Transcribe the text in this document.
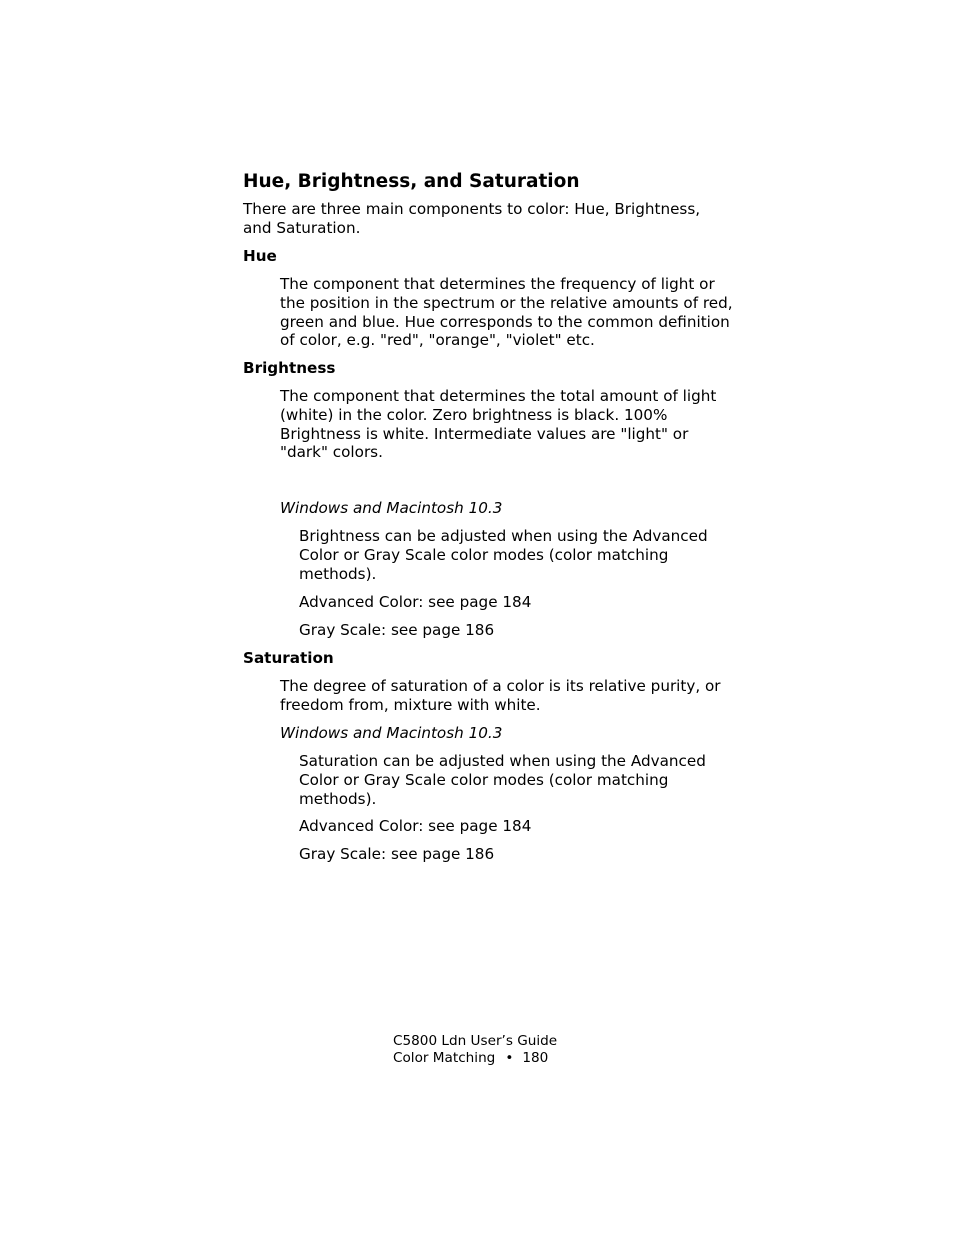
Hue, Brightness, and Saturation
There are three main components to color: Hue, Brightness, and Saturation.
Hue
The component that determines the frequency of light or the position in the spectrum or the relative amounts of red, green and blue. Hue corresponds to the common definition of color, e.g. "red", "orange", "violet" etc.
Brightness
The component that determines the total amount of light (white) in the color. Zero brightness is black. 100% Brightness is white. Intermediate values are "light" or "dark" colors.
Windows and Macintosh 10.3
Brightness can be adjusted when using the Advanced Color or Gray Scale color modes (color matching methods).
Advanced Color: see page 184
Gray Scale: see page 186
Saturation
The degree of saturation of a color is its relative purity, or freedom from, mixture with white.
Windows and Macintosh 10.3
Saturation can be adjusted when using the Advanced Color or Gray Scale color modes (color matching methods).
Advanced Color: see page 184
Gray Scale: see page 186
C5800 Ldn User’s Guide
Color Matching • 180
